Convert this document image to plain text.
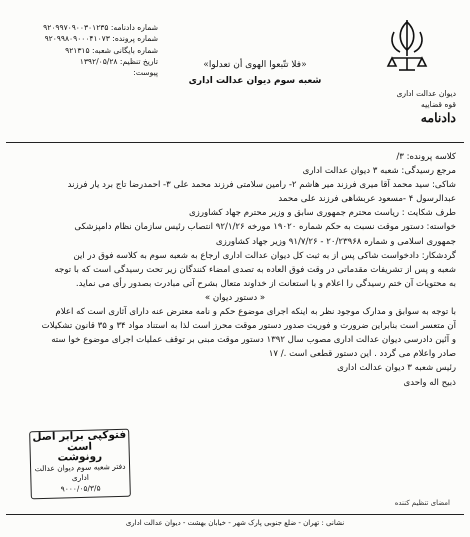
شماره دادنامه: ۹۲۰۹۹۷۰۹۰۰۳۰۱۲۳۵
شماره پرونده: ۹۲۰۹۹۸۰۹۰۰۰۴۱۰۷۳
شماره بایگانی شعبه: ۹۲۱۳۱۵
تاریخ تنظیم: ۱۳۹۲/۰۵/۲۸
پیوست:
«فلا تتّبعوا الهوی أن تعدلوا»
شعبه سوم دیوان عدالت اداری
دیوان عدالت اداری
قوه قضاییه
دادنامه
کلاسه پرونده: ۳/
مرجع رسیدگی: شعبه ۳ دیوان عدالت اداری
شاکی: سید محمد آقا میری فرزند میر هاشم ۲- رامین سلامتی فرزند محمد علی ۳- احمدرضا تاج برد یار فرزند
عبدالرسول ۴ -مسعود عربشاهی فرزند علی محمد
طرف شکایت : ریاست محترم جمهوری سابق و وزیر محترم جهاد کشاورزی
خواسته: دستور موقت نسبت به حکم شماره ۱۹۰۲۰ مورخه ۹۲/۱/۲۶ انتصاب رئیس سازمان نظام دامپزشکی
جمهوری اسلامی و شماره ۲۰/۲۳۹۶۸ - ۹۱/۷/۲۶ وزیر جهاد کشاورزی
گردشکار: دادخواست شاکی پس از به ثبت کل دیوان عدالت اداری ارجاع به شعبه سوم به کلاسه فوق در این
شعبه و پس از تشریفات مقدماتی در وقت فوق العاده به تصدی امضاء کنندگان زیر تحت رسیدگی است که با توجه
به محتویات آن ختم رسیدگی را اعلام و با استعانت از خداوند متعال بشرح آتی مبادرت بصدور رأی می نماید.
« دستور دیوان »
با توجه به سوابق و مدارک موجود نظر به اینکه اجرای موضوع حکم و نامه معترض عنه دارای آثاری است که اعلام
آن متعسر است بنابراین ضرورت و فوریت صدور دستور موقت محرز است لذا به استناد مواد ۳۴ و ۳۵ قانون تشکیلات
و آئین دادرسی دیوان عدالت اداری مصوب سال ۱۳۹۲ دستور موقت مبنی بر توقف عملیات اجرای موضوع خوا سته
صادر واعلام می گردد . این دستور قطعی است ./ ۱۷
رئیس شعبه ۳ دیوان عدالت اداری
ذبیح اله واحدی
فتوکپی برابر اصل است
رونوشت
دفتر شعبه سوم دیوان عدالت اداری
۹۰۰۰/۰۵/۳/۵
امضای تنظیم کننده
نشانی : تهران - ضلع جنوبی پارک شهر - خیابان بهشت - دیوان عدالت اداری
